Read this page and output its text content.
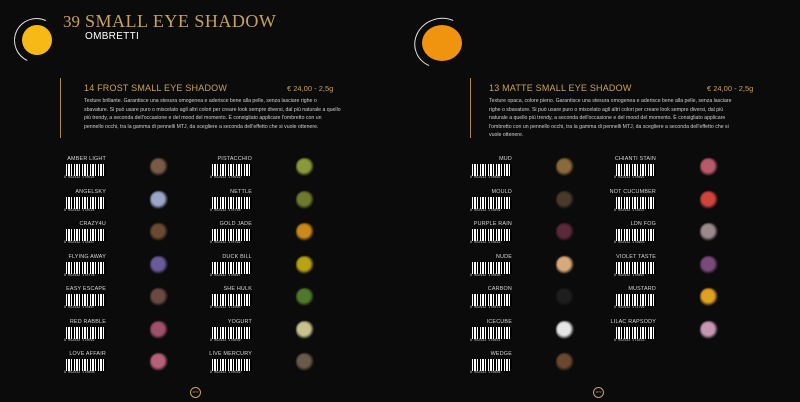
39 SMALL EYE SHADOW
OMBRETTI
14 FROST SMALL EYE SHADOW	€ 24,00 - 2,5g
Texture brillante. Garantisce una stesura omogenea e aderisce bene alla pelle, senza lasciare righe o sbavature. Si può usare puro o miscelato agli altri colori per creare look sempre diversi, dal più naturale a quello più trendy, a seconda dell'occasione e del mood del momento. È consigliato applicare l'ombretto con un pennello occhi, tra la gamma di pennelli MTJ, da scegliere a seconda dell'effetto che si vuole ottenere.
AMBER LIGHT
8 052432 170524
PISTACCHIO
8 052432 170619
ANGELSKY
8 052432 170524
NETTLE
8 052432 170748
CRAZY4U
8 052432 170487
GOLD JADE
8 052432 170762
FLYING AWAY
8 052432 170778
DUCK BILL
8 052432 170897
EASY ESCAPE
8 052432 170487
SHE HULK
8 052432 172000
RED RABBLE
8 052432 170092
YOGURT
8 052432 170839
LOVE AFFAIR
8 052432 170808
LIVE MERCURY
8 052432 170549
MTJ
13 MATTE SMALL EYE SHADOW	€ 24,00 - 2,5g
Texture opaca, colore pieno. Garantisce una stesura omogenea e aderisce bene alla pelle, senza lasciare righe o sbavature. Si può usare puro o miscelato agli altri colori per creare look sempre diversi, dal più naturale a quello più trendy, a seconda dell'occasione e del mood del momento. È consigliato applicare l'ombretto con un pennello occhi, tra la gamma di pennelli MTJ, da scegliere a seconda dell'effetto che si vuole ottenere.
MUD
8 052432 170885
CHIANTI STAIN
8 052432 170891
MOULD
8 052432 170859
NOT CUCUMBER
8 052432 172037
PURPLE RAIN
8 052432 170842
LDN FOG
8 052432 170903
NUDE
8 052432 170835
VIOLET TASTE
8 052432 170897
CARBON
8 052432 170873
MUSTARD
8 052432 171799
ICECUBE
8 052432 170811
LILAC RAPSODY
8 052432 171813
WEDGE
8 052432 170884
MTJ
